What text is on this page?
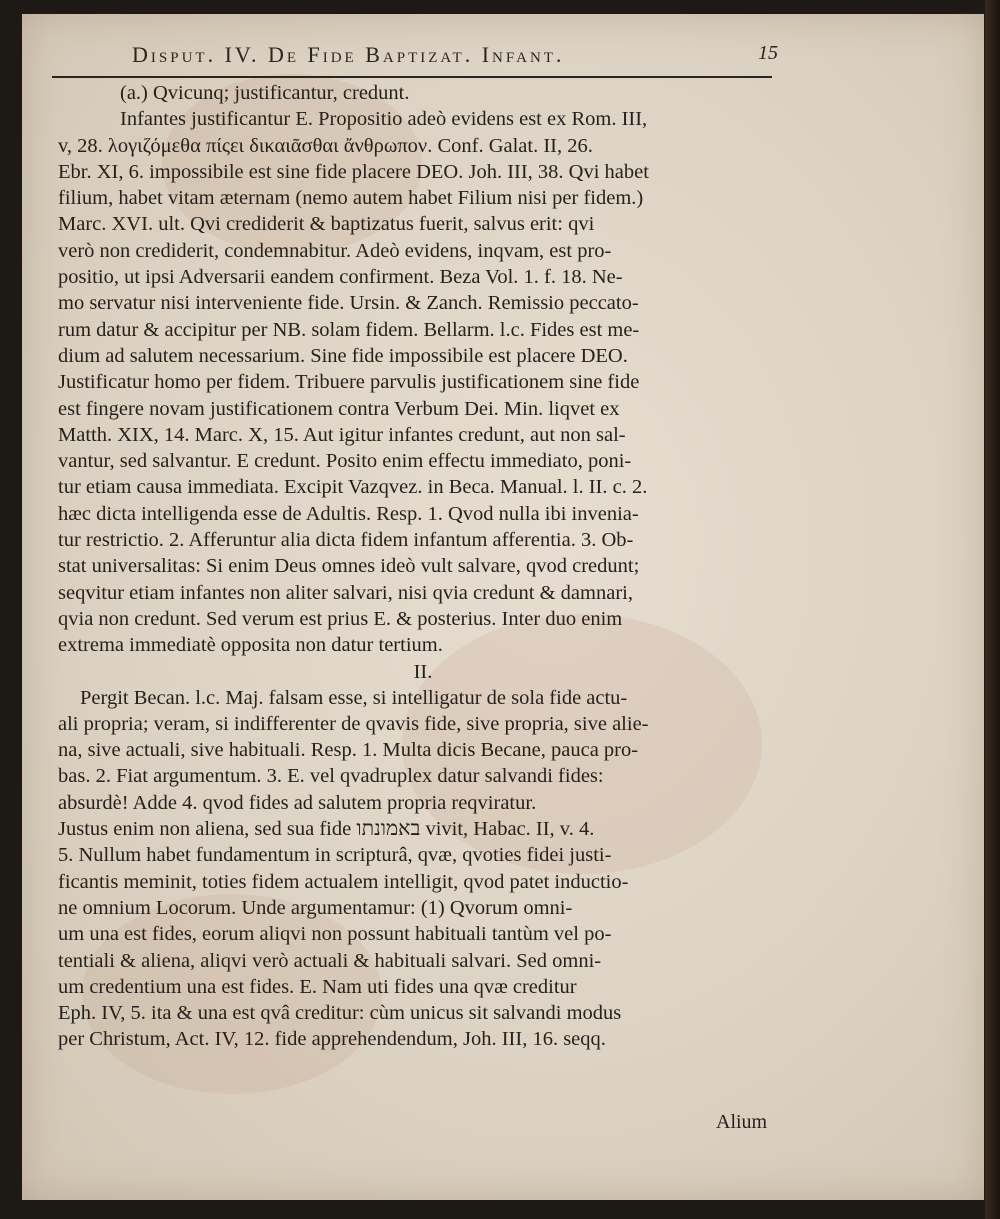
Disput. IV. De Fide Baptizat. Infant.	15
(a.) Qvicunq; justificantur, credunt.
Infantes justificantur E. Propositio adeò evidens est ex Rom. III,
v, 28. λογιζόμεθα πίςει δικαιᾶσθαι ἄνθρωπον. Conf. Galat. II, 26.
Ebr. XI, 6. impossibile est sine fide placere DEO. Joh. III, 38. Qvi habet
filium, habet vitam æternam (nemo autem habet Filium nisi per fidem.)
Marc. XVI. ult. Qvi crediderit & baptizatus fuerit, salvus erit: qvi
verò non crediderit, condemnabitur. Adeò evidens, inqvam, est pro-
positio, ut ipsi Adversarii eandem confirment. Beza Vol. 1. f. 18. Ne-
mo servatur nisi interveniente fide. Ursin. & Zanch. Remissio peccato-
rum datur & accipitur per NB. solam fidem. Bellarm. l.c. Fides est me-
dium ad salutem necessarium. Sine fide impossibile est placere DEO.
Justificatur homo per fidem. Tribuere parvulis justificationem sine fide
est fingere novam justificationem contra Verbum Dei. Min. liqvet ex
Matth. XIX, 14. Marc. X, 15. Aut igitur infantes credunt, aut non sal-
vantur, sed salvantur. E credunt. Posito enim effectu immediato, poni-
tur etiam causa immediata. Excipit Vazqvez. in Beca. Manual. l. II. c. 2.
hæc dicta intelligenda esse de Adultis. Resp. 1. Qvod nulla ibi invenia-
tur restrictio. 2. Afferuntur alia dicta fidem infantum afferentia. 3. Ob-
stat universalitas: Si enim Deus omnes ideò vult salvare, qvod credunt;
seqvitur etiam infantes non aliter salvari, nisi qvia credunt & damnari,
qvia non credunt. Sed verum est prius E. & posterius. Inter duo enim
extrema immediatè opposita non datur tertium.
II.
Pergit Becan. l.c. Maj. falsam esse, si intelligatur de sola fide actu-
ali propria; veram, si indifferenter de qvavis fide, sive propria, sive alie-
na, sive actuali, sive habituali. Resp. 1. Multa dicis Becane, pauca pro-
bas. 2. Fiat argumentum. 3. E. vel qvadruplex datur salvandi fides:
absurdè! Adde 4. qvod fides ad salutem propria reqviratur.
Justus enim non aliena, sed sua fide באמונתו vivit, Habac. II, v. 4.
5. Nullum habet fundamentum in scripturâ, qvæ, qvoties fidei justi-
ficantis meminit, toties fidem actualem intelligit, qvod patet inductio-
ne omnium Locorum. Unde argumentamur: (1) Qvorum omni-
um una est fides, eorum aliqvi non possunt habituali tantùm vel po-
tentiali & aliena, aliqvi verò actuali & habituali salvari. Sed omni-
um credentium una est fides. E. Nam uti fides una qvæ creditur
Eph. IV, 5. ita & una est qvâ creditur: cùm unicus sit salvandi modus
per Christum, Act. IV, 12. fide apprehendendum, Joh. III, 16. seqq.
Alium
